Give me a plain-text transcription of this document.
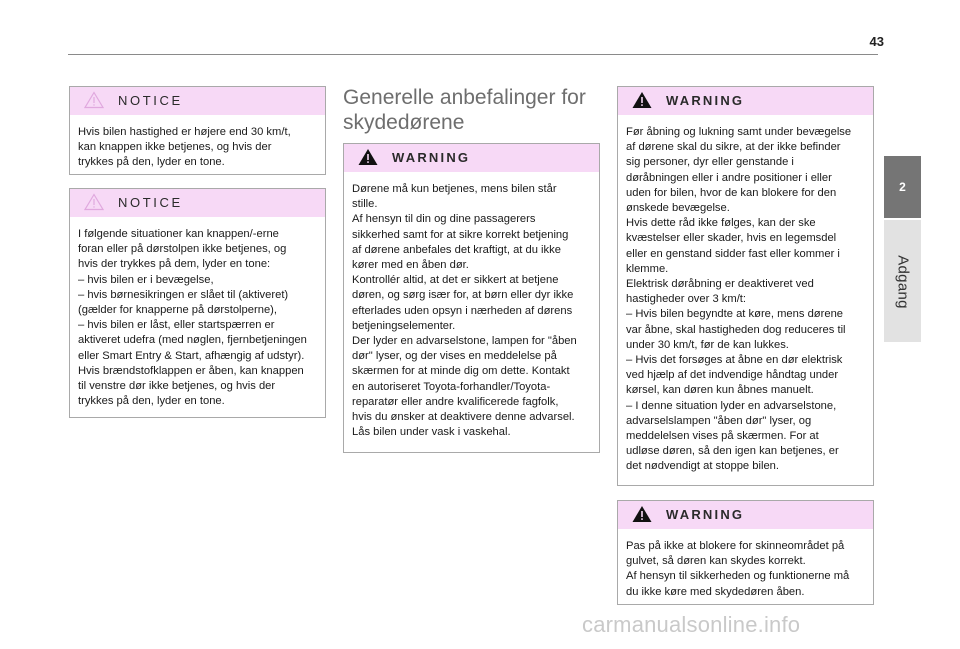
43
2
Adgang
NOTICE

Hvis bilen hastighed er højere end 30 km/t,

kan knappen ikke betjenes, og hvis der

trykkes på den, lyder en tone.

NOTICE

I følgende situationer kan knappen/-erne

foran eller på dørstolpen ikke betjenes, og

hvis der trykkes på dem, lyder en tone:

– hvis bilen er i bevægelse,

– hvis børnesikringen er slået til (aktiveret)

(gælder for knapperne på dørstolperne),

– hvis bilen er låst, eller startspærren er

aktiveret udefra (med nøglen, fjernbetjeningen

eller Smart Entry & Start, afhængig af udstyr).

Hvis brændstofklappen er åben, kan knappen

til venstre dør ikke betjenes, og hvis der

trykkes på den, lyder en tone.

Generelle anbefalinger for
skydedørene
WARNING

Dørene må kun betjenes, mens bilen står

stille.

Af hensyn til din og dine passagerers

sikkerhed samt for at sikre korrekt betjening

af dørene anbefales det kraftigt, at du ikke

kører med en åben dør.

Kontrollér altid, at det er sikkert at betjene

døren, og sørg især for, at børn eller dyr ikke

efterlades uden opsyn i nærheden af dørens

betjeningselementer.

Der lyder en advarselstone, lampen for "åben

dør" lyser, og der vises en meddelelse på

skærmen for at minde dig om dette. Kontakt

en autoriseret Toyota-forhandler/Toyota-

reparatør eller andre kvalificerede fagfolk,

hvis du ønsker at deaktivere denne advarsel.

Lås bilen under vask i vaskehal.

WARNING

Før åbning og lukning samt under bevægelse

af dørene skal du sikre, at der ikke befinder

sig personer, dyr eller genstande i

døråbningen eller i andre positioner i eller

uden for bilen, hvor de kan blokere for den

ønskede bevægelse.

Hvis dette råd ikke følges, kan der ske

kvæstelser eller skader, hvis en legemsdel

eller en genstand sidder fast eller kommer i

klemme.

Elektrisk døråbning er deaktiveret ved

hastigheder over 3 km/t:

– Hvis bilen begyndte at køre, mens dørene

var åbne, skal hastigheden dog reduceres til

under 30 km/t, før de kan lukkes.

– Hvis det forsøges at åbne en dør elektrisk

ved hjælp af det indvendige håndtag under

kørsel, kan døren kun åbnes manuelt.

– I denne situation lyder en advarselstone,

advarselslampen "åben dør" lyser, og

meddelelsen vises på skærmen. For at

udløse døren, så den igen kan betjenes, er

det nødvendigt at stoppe bilen.

WARNING

Pas på ikke at blokere for skinneområdet på

gulvet, så døren kan skydes korrekt.

Af hensyn til sikkerheden og funktionerne må

du ikke køre med skydedøren åben.

carmanualsonline.info
